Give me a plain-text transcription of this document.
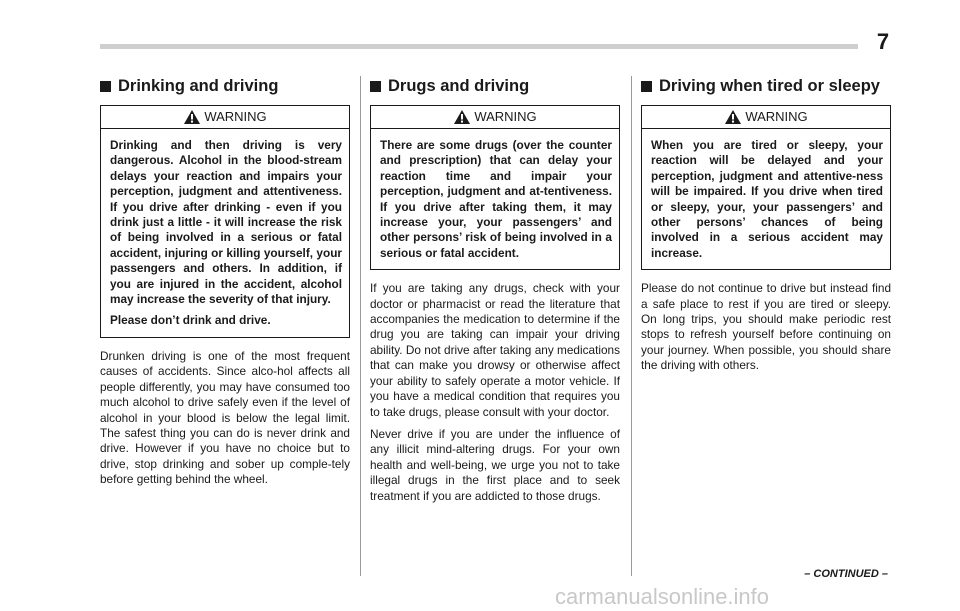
7
Drinking and driving
WARNING

Drinking and then driving is very dangerous. Alcohol in the blood-stream delays your reaction and impairs your perception, judgment and attentiveness. If you drive after drinking - even if you drink just a little - it will increase the risk of being involved in a serious or fatal accident, injuring or killing yourself, your passengers and others. In addition, if you are injured in the accident, alcohol may increase the severity of that injury.

Please don’t drink and drive.

Drunken driving is one of the most frequent causes of accidents. Since alco-hol affects all people differently, you may have consumed too much alcohol to drive safely even if the level of alcohol in your blood is below the legal limit. The safest thing you can do is never drink and drive. However if you have no choice but to drive, stop drinking and sober up comple-tely before getting behind the wheel.

Drugs and driving
WARNING

There are some drugs (over the counter and prescription) that can delay your reaction time and impair your perception, judgment and at-tentiveness. If you drive after taking them, it may increase your, your passengers’ and other persons’ risk of being involved in a serious or fatal accident.

If you are taking any drugs, check with your doctor or pharmacist or read the literature that accompanies the medication to determine if the drug you are taking can impair your driving ability. Do not drive after taking any medications that can make you drowsy or otherwise affect your ability to safely operate a motor vehicle. If you have a medical condition that requires you to take drugs, please consult with your doctor.

Never drive if you are under the influence of any illicit mind-altering drugs. For your own health and well-being, we urge you not to take illegal drugs in the first place and to seek treatment if you are addicted to those drugs.

Driving when tired or sleepy
WARNING

When you are tired or sleepy, your reaction will be delayed and your perception, judgment and attentive-ness will be impaired. If you drive when tired or sleepy, your, your passengers’ and other persons’ chances of being involved in a serious accident may increase.

Please do not continue to drive but instead find a safe place to rest if you are tired or sleepy. On long trips, you should make periodic rest stops to refresh yourself before continuing on your journey. When possible, you should share the driving with others.

– CONTINUED –
carmanualsonline.info
